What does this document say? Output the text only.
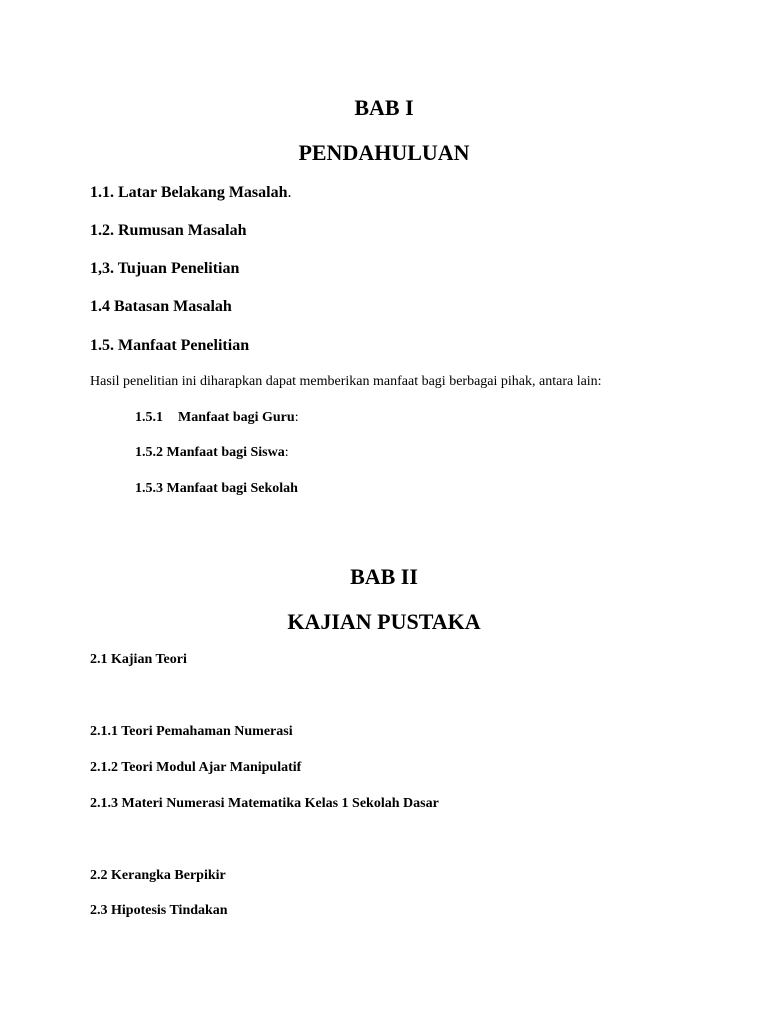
BAB I
PENDAHULUAN
1.1. Latar Belakang Masalah.
1.2. Rumusan Masalah
1,3. Tujuan Penelitian
1.4 Batasan Masalah
1.5. Manfaat Penelitian
Hasil penelitian ini diharapkan dapat memberikan manfaat bagi berbagai pihak, antara lain:
1.5.1 Manfaat bagi Guru:
1.5.2 Manfaat bagi Siswa:
1.5.3 Manfaat bagi Sekolah
BAB II
KAJIAN PUSTAKA
2.1 Kajian Teori
2.1.1 Teori Pemahaman Numerasi
2.1.2 Teori Modul Ajar Manipulatif
2.1.3 Materi Numerasi Matematika Kelas 1 Sekolah Dasar
2.2 Kerangka Berpikir
2.3 Hipotesis Tindakan
